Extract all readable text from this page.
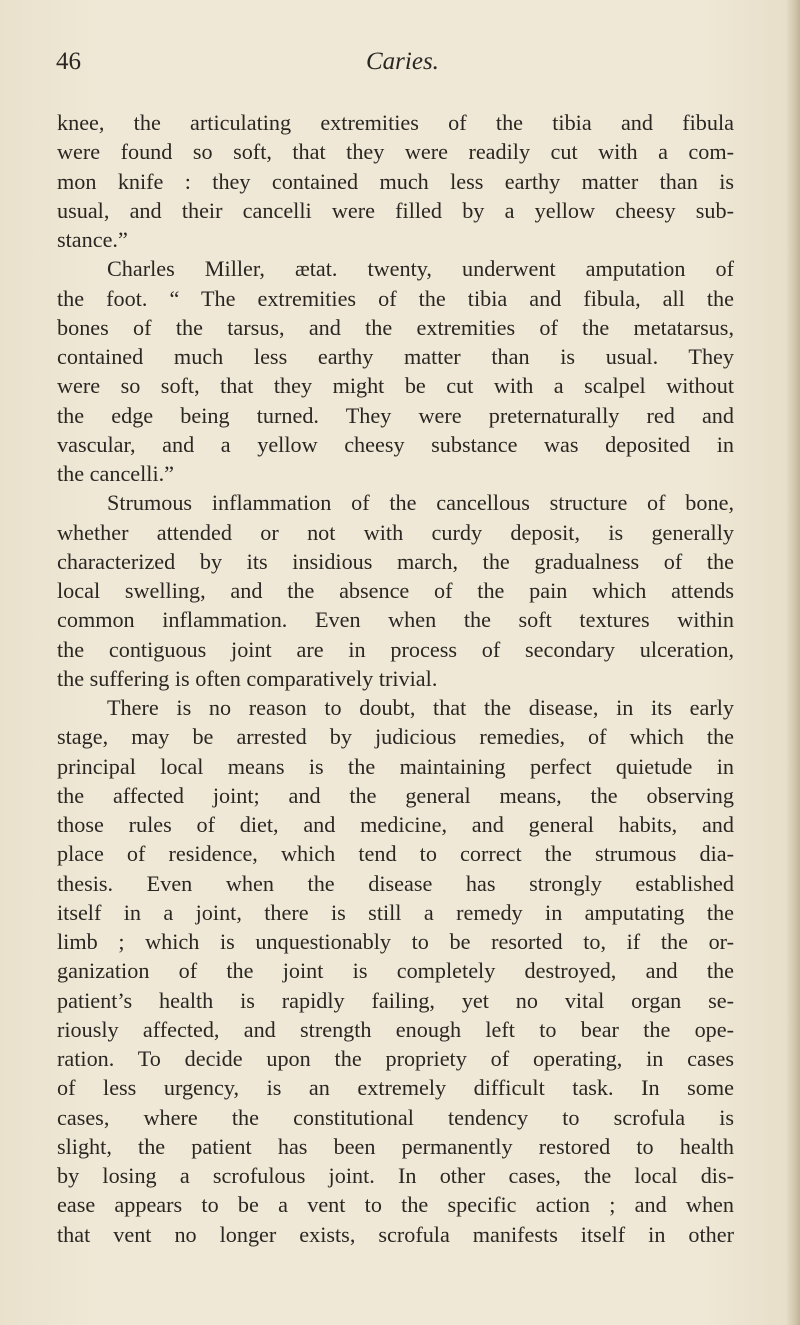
46	Caries.
knee, the articulating extremities of the tibia and fibula
were found so soft, that they were readily cut with a com-
mon knife : they contained much less earthy matter than is
usual, and their cancelli were filled by a yellow cheesy sub-
stance.”
Charles Miller, ætat. twenty, underwent amputation of
the foot. “ The extremities of the tibia and fibula, all the
bones of the tarsus, and the extremities of the metatarsus,
contained much less earthy matter than is usual. They
were so soft, that they might be cut with a scalpel without
the edge being turned. They were preternaturally red and
vascular, and a yellow cheesy substance was deposited in
the cancelli.”
Strumous inflammation of the cancellous structure of bone,
whether attended or not with curdy deposit, is generally
characterized by its insidious march, the gradualness of the
local swelling, and the absence of the pain which attends
common inflammation. Even when the soft textures within
the contiguous joint are in process of secondary ulceration,
the suffering is often comparatively trivial.
There is no reason to doubt, that the disease, in its early
stage, may be arrested by judicious remedies, of which the
principal local means is the maintaining perfect quietude in
the affected joint; and the general means, the observing
those rules of diet, and medicine, and general habits, and
place of residence, which tend to correct the strumous dia-
thesis. Even when the disease has strongly established
itself in a joint, there is still a remedy in amputating the
limb ; which is unquestionably to be resorted to, if the or-
ganization of the joint is completely destroyed, and the
patient’s health is rapidly failing, yet no vital organ se-
riously affected, and strength enough left to bear the ope-
ration. To decide upon the propriety of operating, in cases
of less urgency, is an extremely difficult task. In some
cases, where the constitutional tendency to scrofula is
slight, the patient has been permanently restored to health
by losing a scrofulous joint. In other cases, the local dis-
ease appears to be a vent to the specific action ; and when
that vent no longer exists, scrofula manifests itself in other
